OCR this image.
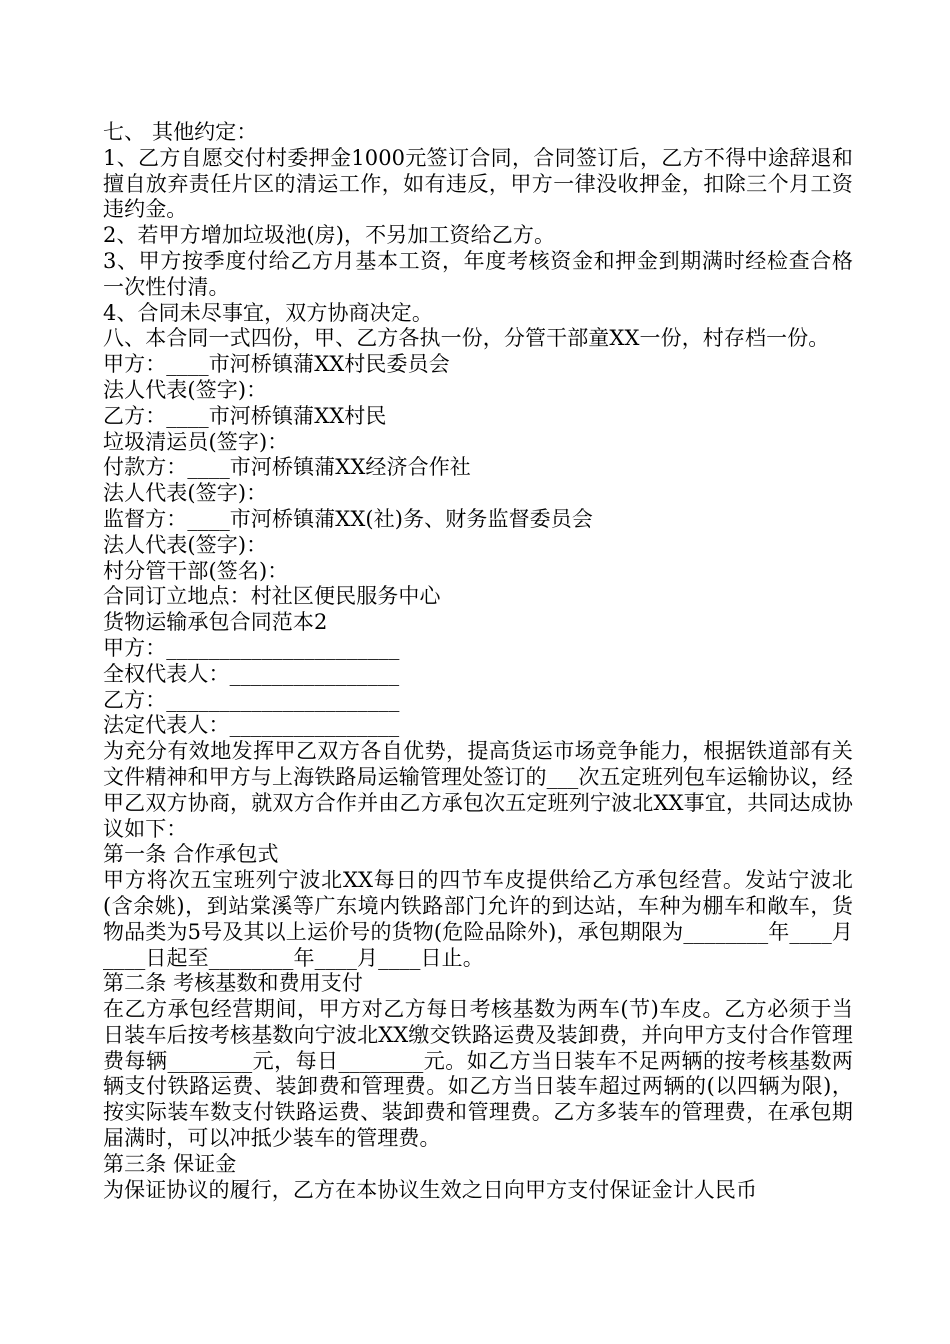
七、 其他约定：

1、乙方自愿交付村委押金1000元签订合同，合同签订后，乙方不得中途辞退和擅自放弃责任片区的清运工作，如有违反，甲方一律没收押金，扣除三个月工资违约金。

2、若甲方增加垃圾池(房)，不另加工资给乙方。

3、甲方按季度付给乙方月基本工资，年度考核资金和押金到期满时经检查合格一次性付清。

4、合同未尽事宜，双方协商决定。

八、本合同一式四份，甲、乙方各执一份，分管干部童XX一份，村存档一份。

甲方：____市河桥镇蒲XX村民委员会

法人代表(签字)：

乙方：____市河桥镇蒲XX村民

垃圾清运员(签字)：

付款方：____市河桥镇蒲XX经济合作社

法人代表(签字)：

监督方：____市河桥镇蒲XX(社)务、财务监督委员会

法人代表(签字)：

村分管干部(签名)：

合同订立地点：村社区便民服务中心

货物运输承包合同范本2

甲方：______________________

全权代表人：________________

乙方：______________________

法定代表人：________________

为充分有效地发挥甲乙双方各自优势，提高货运市场竞争能力，根据铁道部有关文件精神和甲方与上海铁路局运输管理处签订的___次五定班列包车运输协议，经甲乙双方协商，就双方合作并由乙方承包次五定班列宁波北XX事宜，共同达成协议如下：

第一条 合作承包式

甲方将次五宝班列宁波北XX每日的四节车皮提供给乙方承包经营。发站宁波北(含余姚)，到站棠溪等广东境内铁路部门允许的到达站，车种为棚车和敞车，货物品类为5号及其以上运价号的货物(危险品除外)，承包期限为________年____月____日起至________年____月____日止。

第二条 考核基数和费用支付

在乙方承包经营期间，甲方对乙方每日考核基数为两车(节)车皮。乙方必须于当日装车后按考核基数向宁波北XX缴交铁路运费及装卸费，并向甲方支付合作管理费每辆________元，每日________元。如乙方当日装车不足两辆的按考核基数两辆支付铁路运费、装卸费和管理费。如乙方当日装车超过两辆的(以四辆为限)，按实际装车数支付铁路运费、装卸费和管理费。乙方多装车的管理费，在承包期届满时，可以冲抵少装车的管理费。

第三条 保证金

为保证协议的履行，乙方在本协议生效之日向甲方支付保证金计人民币
